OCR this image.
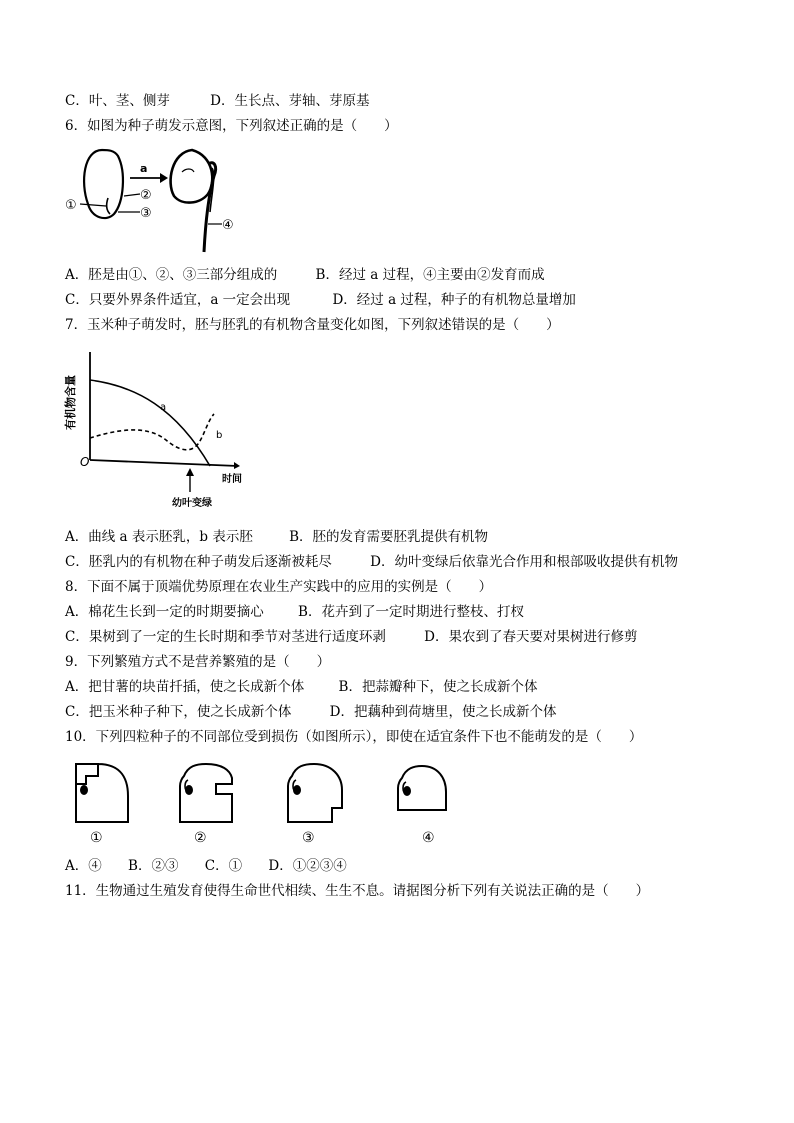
C．叶、茎、侧芽	D．生长点、芽轴、芽原基
6．如图为种子萌发示意图，下列叙述正确的是（　　）
①
②
③
a
④
A．胚是由①、②、③三部分组成的	B．经过 a 过程，④主要由②发育而成
C．只要外界条件适宜，a 一定会出现	D．经过 a 过程，种子的有机物总量增加
7．玉米种子萌发时，胚与胚乳的有机物含量变化如图，下列叙述错误的是（　　）
有机物含量
O
时间
a
b
幼叶变绿
A．曲线 a 表示胚乳，b 表示胚	B．胚的发育需要胚乳提供有机物
C．胚乳内的有机物在种子萌发后逐渐被耗尽	D．幼叶变绿后依靠光合作用和根部吸收提供有机物
8．下面不属于顶端优势原理在农业生产实践中的应用的实例是（　　）
A．棉花生长到一定的时期要摘心	B．花卉到了一定时期进行整枝、打杈
C．果树到了一定的生长时期和季节对茎进行适度环剥	D．果农到了春天要对果树进行修剪
9．下列繁殖方式不是营养繁殖的是（　　）
A．把甘薯的块苗扦插，使之长成新个体	B．把蒜瓣种下，使之长成新个体
C．把玉米种子种下，使之长成新个体	D．把藕种到荷塘里，使之长成新个体
10．下列四粒种子的不同部位受到损伤（如图所示），即使在适宜条件下也不能萌发的是（　　）
①	②	③	④
A．④ B．②③ C．① D．①②③④
11．生物通过生殖发育使得生命世代相续、生生不息。请据图分析下列有关说法正确的是（　　）
